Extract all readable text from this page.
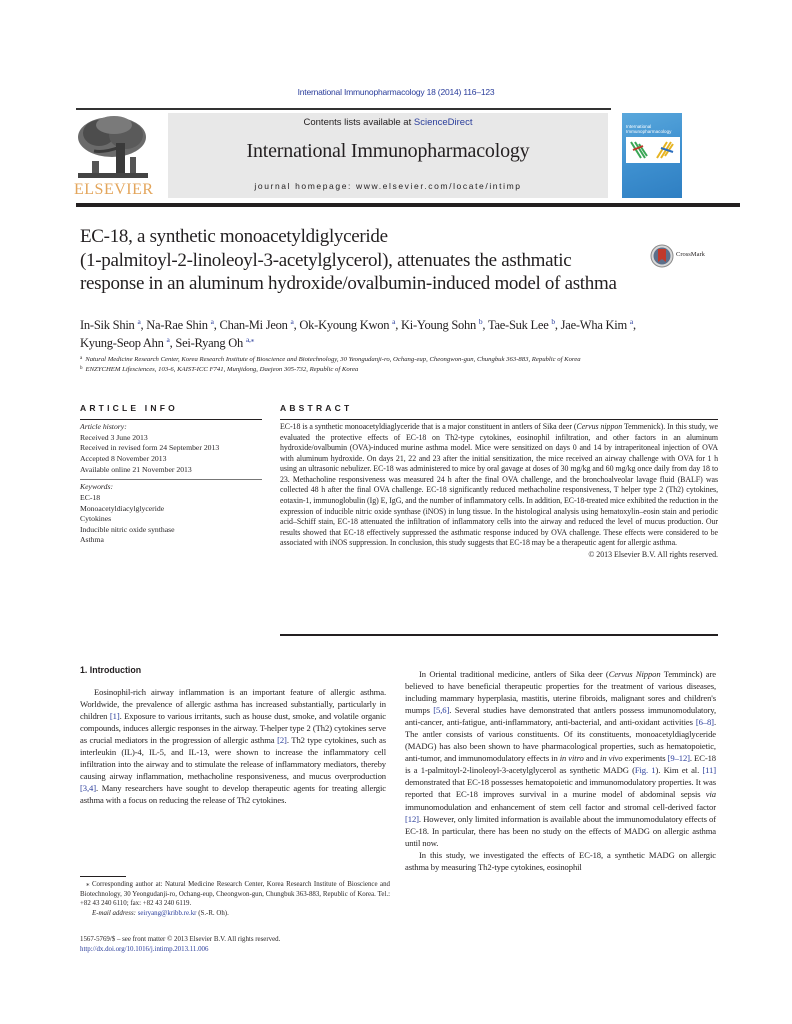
International Immunopharmacology 18 (2014) 116–123
ELSEVIER
Contents lists available at ScienceDirect
International Immunopharmacology
journal homepage: www.elsevier.com/locate/intimp
International
Immunopharmacology
EC-18, a synthetic monoacetyldiglyceride
(1-palmitoyl-2-linoleoyl-3-acetylglycerol), attenuates the asthmatic
response in an aluminum hydroxide/ovalbumin-induced model of asthma
CrossMark
In-Sik Shin $^a$, Na-Rae Shin $^a$, Chan-Mi Jeon $^a$, Ok-Kyoung Kwon $^a$, Ki-Young Sohn $^b$, Tae-Suk Lee $^b$, Jae-Wha Kim $^a$,
Kyung-Seop Ahn $^a$, Sei-Ryang Oh $^{a,⁎}$
$^a$ Natural Medicine Research Center, Korea Research Institute of Bioscience and Biotechnology, 30 Yeongudanji-ro, Ochang-eup, Cheongwon-gun, Chungbuk 363-883, Republic of Korea
$^b$ ENZYCHEM Lifesciences, 103-6, KAIST-ICC F741, Munjidong, Daejeon 305-732, Republic of Korea
ARTICLE INFO
Article history:
Received 3 June 2013
Received in revised form 24 September 2013
Accepted 8 November 2013
Available online 21 November 2013
Keywords:
EC-18
Monoacetyldiacylglyceride
Cytokines
Inducible nitric oxide synthase
Asthma
ABSTRACT
EC-18 is a synthetic monoacetyldiaglyceride that is a major constituent in antlers of Sika deer (Cervus nippon Temmenick). In this study, we evaluated the protective effects of EC-18 on Th2-type cytokines, eosinophil infiltration, and other factors in an aluminum hydroxide/ovalbumin (OVA)-induced murine asthma model. Mice were sensitized on days 0 and 14 by intraperitoneal injection of OVA with aluminum hydroxide. On days 21, 22 and 23 after the initial sensitization, the mice received an airway challenge with OVA for 1 h using an ultrasonic nebulizer. EC-18 was administered to mice by oral gavage at doses of 30 mg/kg and 60 mg/kg once daily from day 18 to 23. Methacholine responsiveness was measured 24 h after the final OVA challenge, and the bronchoalveolar lavage fluid (BALF) was collected 48 h after the final OVA challenge. EC-18 significantly reduced methacholine responsiveness, T helper type 2 (Th2) cytokines, eotaxin-1, immunoglobulin (Ig) E, IgG, and the number of inflammatory cells. In addition, EC-18-treated mice exhibited the reduction in the expression of inducible nitric oxide synthase (iNOS) in lung tissue. In the histological analysis using hematoxylin–eosin stain and periodic acid–Schiff stain, EC-18 attenuated the infiltration of inflammatory cells into the airway and reduced the level of mucus production. Our results showed that EC-18 effectively suppressed the asthmatic response induced by OVA challenge. These effects were considered to be associated with iNOS suppression. In conclusion, this study suggests that EC-18 may be a therapeutic agent for allergic asthma.
© 2013 Elsevier B.V. All rights reserved.
1. Introduction

Eosinophil-rich airway inflammation is an important feature of allergic asthma. Worldwide, the prevalence of allergic asthma has increased substantially, particularly in children [1]. Exposure to various irritants, such as house dust, smoke, and volatile organic compounds, induces allergic responses in the airway. T-helper type 2 (Th2) cytokines serve as crucial mediators in the progression of allergic asthma [2]. Th2 type cytokines, such as interleukin (IL)-4, IL-5, and IL-13, were shown to increase the inflammatory cell infiltration into the airway and to stimulate the release of inflammatory mediators, thereby causing airway inflammation, methacholine responsiveness, and mucus overproduction [3,4]. Many researchers have sought to develop therapeutic agents for treating allergic asthma with a focus on reducing the release of Th2 cytokines.

In Oriental traditional medicine, antlers of Sika deer (Cervus Nippon Temminck) are believed to have beneficial therapeutic properties for the treatment of various diseases, including mammary hyperplasia, mastitis, uterine fibroids, malignant sores and children's mumps [5,6]. Several studies have demonstrated that antlers possess immunomodulatory, anti-cancer, anti-fatigue, anti-inflammatory, anti-bacterial, and anti-oxidant activities [6–8]. The antler consists of various constituents. Of its constituents, monoacetyldiaglyceride (MADG) has also been shown to have pharmacological properties, such as hematopoietic, anti-tumor, and immunomodulatory effects in in vitro and in vivo experiments [9–12]. EC-18 is a 1-palmitoyl-2-linoleoyl-3-acetylglycerol as synthetic MADG (Fig. 1). Kim et al. [11] demonstrated that EC-18 possesses hematopoietic and immunomodulatory properties. It was reported that EC-18 improves survival in a murine model of abdominal sepsis via immunomodulation and enhancement of stem cell factor and stromal cell-derived factor [12]. However, only limited information is available about the immunomodulatory effects of EC-18. In particular, there has been no study on the effects of MADG on allergic asthma until now.

In this study, we investigated the effects of EC-18, a synthetic MADG on allergic asthma by measuring Th2-type cytokines, eosinophil

⁎ Corresponding author at: Natural Medicine Research Center, Korea Research Institute of Bioscience and Biotechnology, 30 Yeongudanji-ro, Ochang-eup, Cheongwon-gun, Chungbuk 363-883, Republic of Korea. Tel.: +82 43 240 6110; fax: +82 43 240 6119.
E-mail address: seiryang@kribb.re.kr (S.-R. Oh).
1567-5769/$ – see front matter © 2013 Elsevier B.V. All rights reserved.
http://dx.doi.org/10.1016/j.intimp.2013.11.006
